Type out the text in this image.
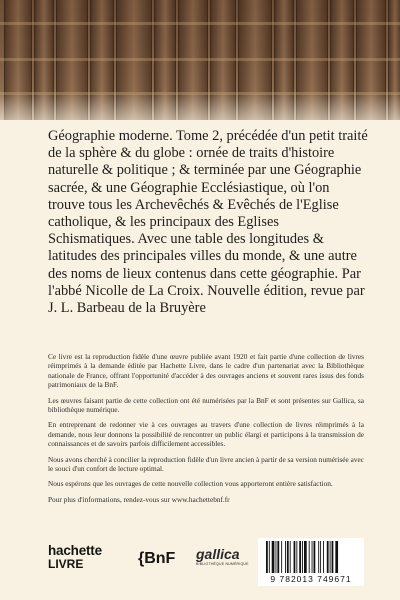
Géographie moderne. Tome 2, précédée d'un petit traité de la sphère & du globe : ornée de traits d'histoire naturelle & politique ; & terminée par une Géographie sacrée, & une Géographie Ecclésiastique, où l'on trouve tous les Archevêchés & Evêchés de l'Eglise catholique, & les principaux des Eglises Schismatiques. Avec une table des longitudes & latitudes des principales villes du monde, & une autre des noms de lieux contenus dans cette géographie. Par l'abbé Nicolle de La Croix. Nouvelle édition, revue par J. L. Barbeau de la Bruyère

Ce livre est la reproduction fidèle d'une œuvre publiée avant 1920 et fait partie d'une collection de livres réimprimés à la demande éditée par Hachette Livre, dans le cadre d'un partenariat avec la Bibliothèque nationale de France, offrant l'opportunité d'accéder à des ouvrages anciens et souvent rares issus des fonds patrimoniaux de la BnF.

Les œuvres faisant partie de cette collection ont été numérisées par la BnF et sont présentes sur Gallica, sa bibliothèque numérique.

En entreprenant de redonner vie à ces ouvrages au travers d'une collection de livres réimprimés à la demande, nous leur donnons la possibilité de rencontrer un public élargi et participons à la transmission de connaissances et de savoirs parfois difficilement accessibles.

Nous avons cherché à concilier la reproduction fidèle d'un livre ancien à partir de sa version numérisée avec le souci d'un confort de lecture optimal.

Nous espérons que les ouvrages de cette nouvelle collection vous apporteront entière satisfaction.

Pour plus d'informations, rendez-vous sur www.hachettebnf.fr

hachette
LIVRE	{BnF gallica
BIBLIOTHÈQUE NUMÉRIQUE
9 782013 749671
